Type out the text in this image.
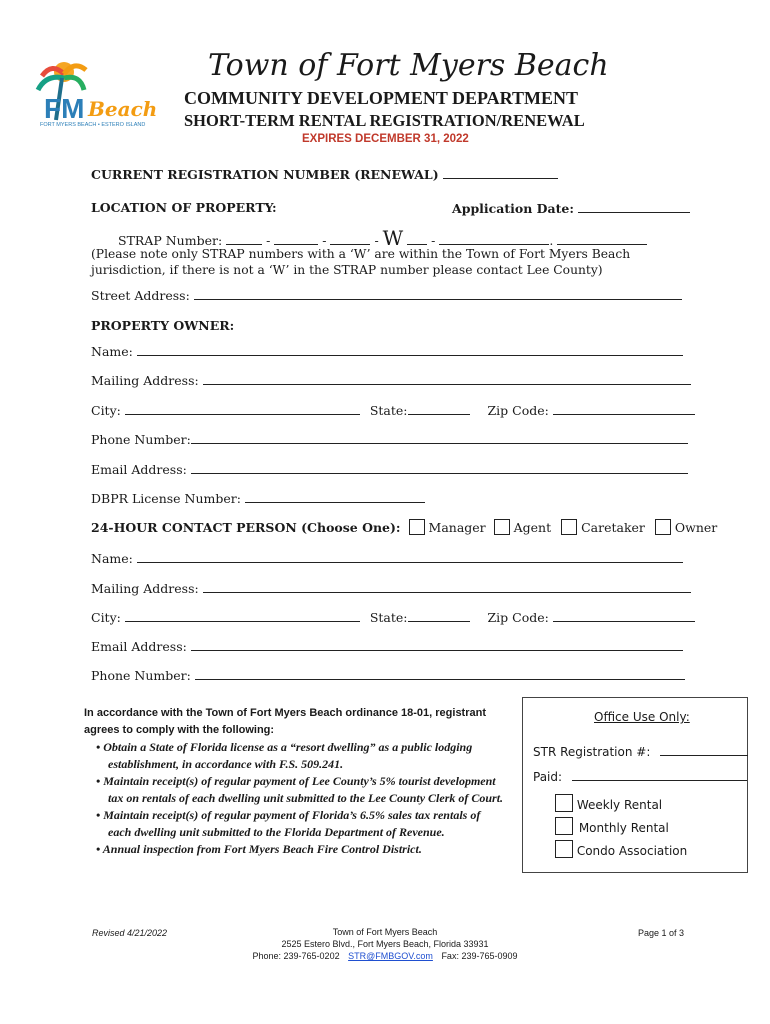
FM Beach
FORT MYERS BEACH • ESTERO ISLAND
Town of Fort Myers Beach
COMMUNITY DEVELOPMENT DEPARTMENT
SHORT-TERM RENTAL REGISTRATION/RENEWAL
EXPIRES DECEMBER 31, 2022
CURRENT REGISTRATION NUMBER (RENEWAL)
LOCATION OF PROPERTY:	Application Date:
STRAP Number:	-	-	- W  -	.
(Please note only STRAP numbers with a ‘W’ are within the Town of Fort Myers Beach jurisdiction, if there is not a ‘W’ in the STRAP number please contact Lee County)
Street Address:
PROPERTY OWNER:
Name:
Mailing Address:
City:	State:	Zip Code:
Phone Number:
Email Address:
DBPR License Number:
24-HOUR CONTACT PERSON (Choose One): Manager Agent Caretaker Owner
Name:
Mailing Address:
City:	State:	Zip Code:
Email Address:
Phone Number:
In accordance with the Town of Fort Myers Beach ordinance 18-01, registrant agrees to comply with the following:
• Obtain a State of Florida license as a “resort dwelling” as a public lodging establishment, in accordance with F.S. 509.241.
• Maintain receipt(s) of regular payment of Lee County’s 5% tourist development tax on rentals of each dwelling unit submitted to the Lee County Clerk of Court.
• Maintain receipt(s) of regular payment of Florida’s 6.5% sales tax rentals of each dwelling unit submitted to the Florida Department of Revenue.
• Annual inspection from Fort Myers Beach Fire Control District.
Office Use Only:
STR Registration #:
Paid:
Weekly Rental
Monthly Rental
Condo Association
Revised 4/21/2022	Town of Fort Myers Beach
2525 Estero Blvd., Fort Myers Beach, Florida 33931
Phone: 239-765-0202 STR@FMBGOV.com Fax: 239-765-0909
Page 1 of 3
